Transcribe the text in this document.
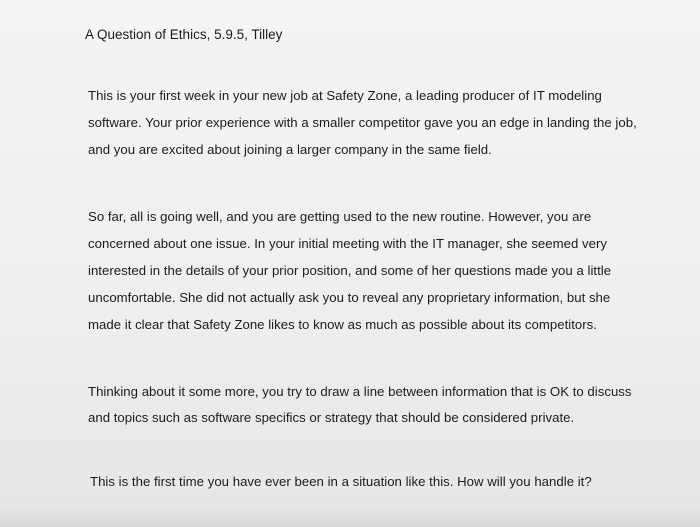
A Question of Ethics, 5.9.5, Tilley
This is your first week in your new job at Safety Zone, a leading producer of IT modeling
software. Your prior experience with a smaller competitor gave you an edge in landing the job,
and you are excited about joining a larger company in the same field.
So far, all is going well, and you are getting used to the new routine. However, you are
concerned about one issue. In your initial meeting with the IT manager, she seemed very
interested in the details of your prior position, and some of her questions made you a little
uncomfortable. She did not actually ask you to reveal any proprietary information, but she
made it clear that Safety Zone likes to know as much as possible about its competitors.
Thinking about it some more, you try to draw a line between information that is OK to discuss
and topics such as software specifics or strategy that should be considered private.
This is the first time you have ever been in a situation like this. How will you handle it?
